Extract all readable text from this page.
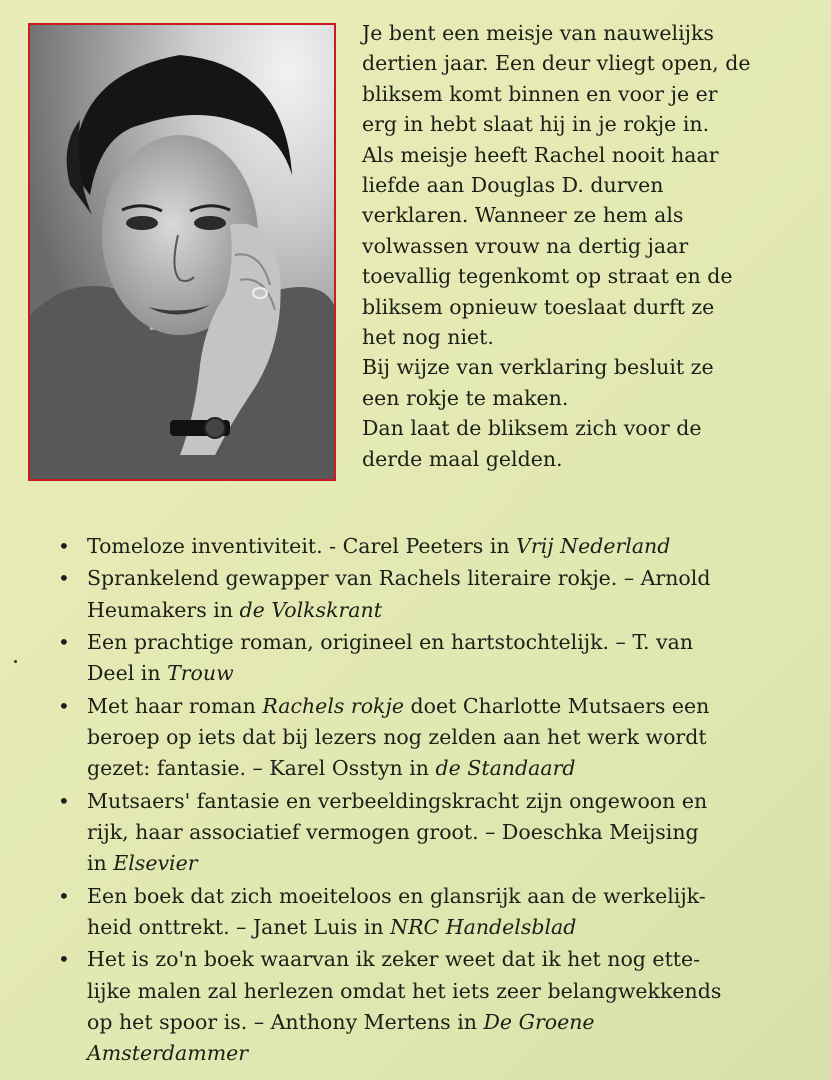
Je bent een meisje van nauwelijks
dertien jaar. Een deur vliegt open, de
bliksem komt binnen en voor je er
erg in hebt slaat hij in je rokje in.
Als meisje heeft Rachel nooit haar
liefde aan Douglas D. durven
verklaren. Wanneer ze hem als
volwassen vrouw na dertig jaar
toevallig tegenkomt op straat en de
bliksem opnieuw toeslaat durft ze
het nog niet.
Bij wijze van verklaring besluit ze
een rokje te maken.
Dan laat de bliksem zich voor de
derde maal gelden.

• Tomeloze inventiviteit. - Carel Peeters in Vrij Nederland
• Sprankelend gewapper van Rachels literaire rokje. – Arnold
Heumakers in de Volkskrant
• Een prachtige roman, origineel en hartstochtelijk. – T. van
Deel in Trouw
• Met haar roman Rachels rokje doet Charlotte Mutsaers een
beroep op iets dat bij lezers nog zelden aan het werk wordt
gezet: fantasie. – Karel Osstyn in de Standaard
• Mutsaers' fantasie en verbeeldingskracht zijn ongewoon en
rijk, haar associatief vermogen groot. – Doeschka Meijsing
in Elsevier
• Een boek dat zich moeiteloos en glansrijk aan de werkelijk-
heid onttrekt. – Janet Luis in NRC Handelsblad
• Het is zo'n boek waarvan ik zeker weet dat ik het nog ette-
lijke malen zal herlezen omdat het iets zeer belangwekkends
op het spoor is. – Anthony Mertens in De Groene
Amsterdammer
